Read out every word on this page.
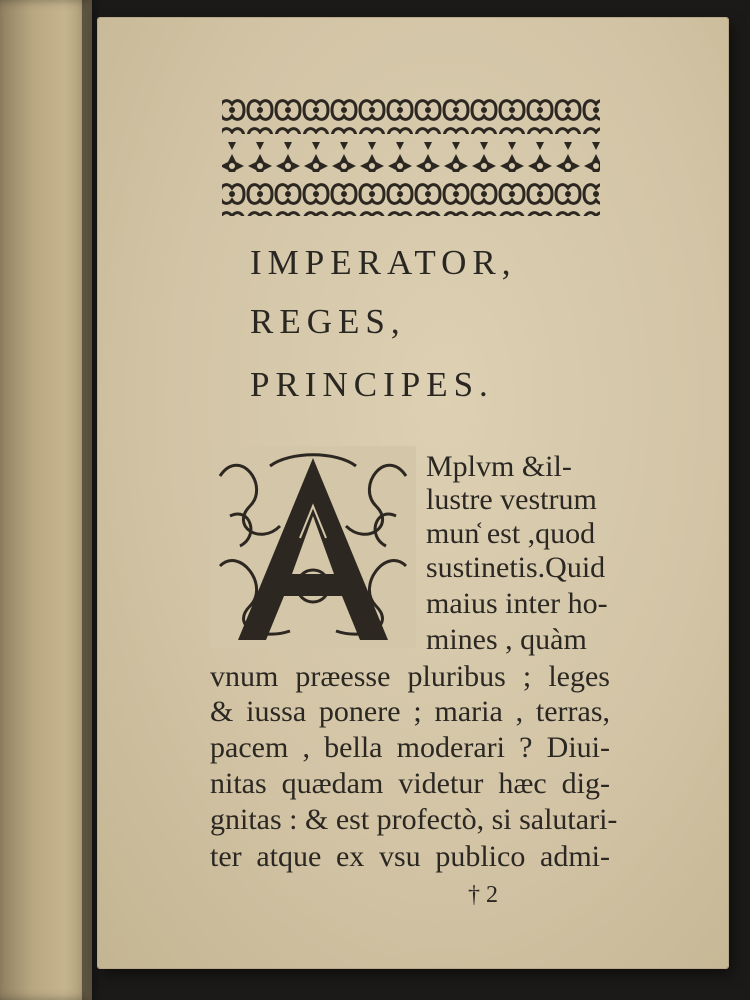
IMPERATOR,
REGES,
PRINCIPES.
Mplvm &il-
lustre vestrum
mun᷾ est ,quod
sustinetis.Quid
maius inter ho-
mines , quàm
vnum præesse pluribus ; leges
& iussa ponere ; maria , terras,
pacem , bella moderari ? Diui-
nitas quædam videtur hæc dig-
gnitas : & est profectò, si salutari-
ter atque ex vsu publico admi-
† 2
